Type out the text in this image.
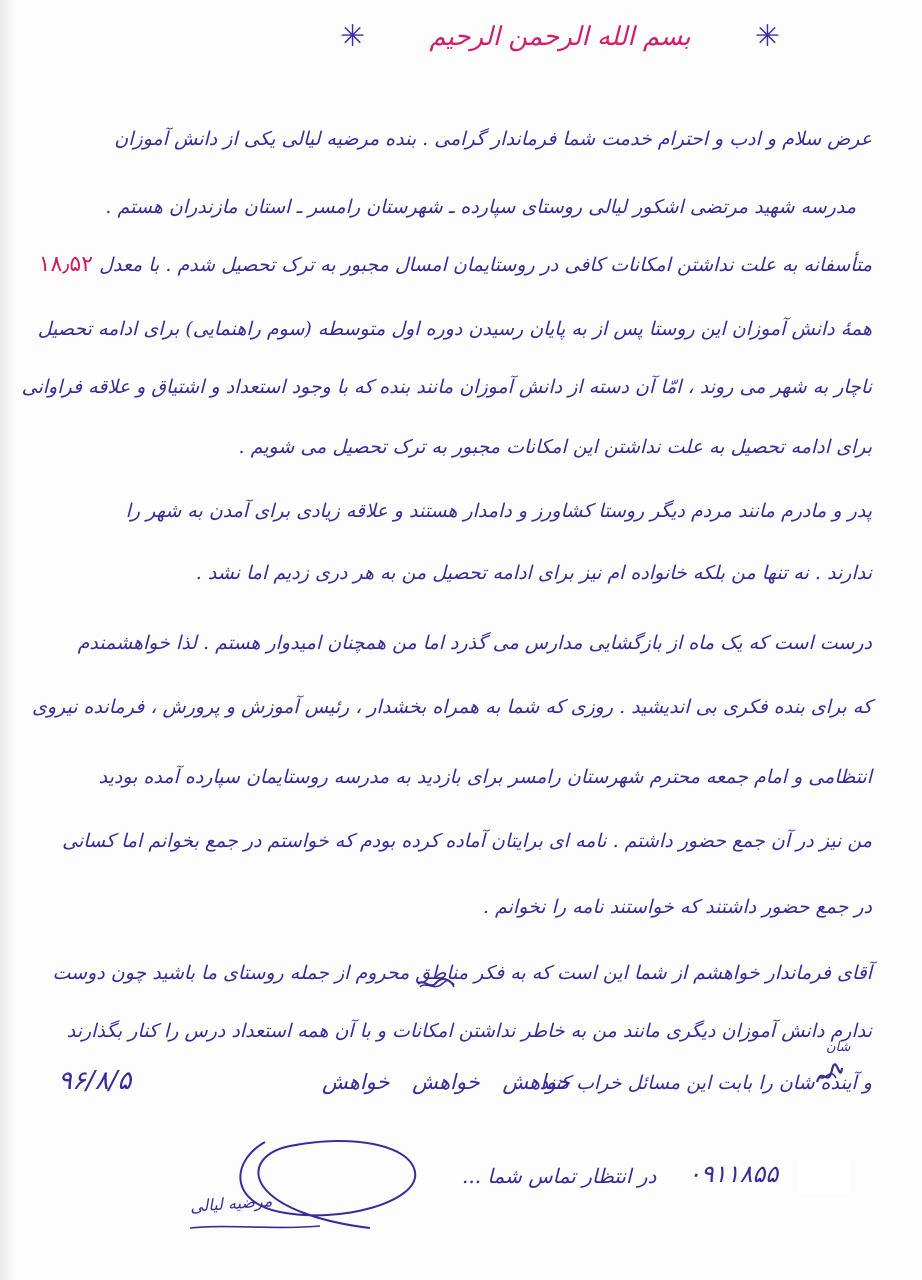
✳ بسم الله الرحمن الرحیم ✳
عرض سلام و ادب و احترام خدمت شما فرماندار گرامی . بنده مرضیه لیالی یکی از دانش آموزان
مدرسه شهید مرتضی اشکور لیالی روستای سپارده ـ شهرستان رامسر ـ استان مازندران هستم .
متأسفانه به علت نداشتن امکانات کافی در روستایمان امسال مجبور به ترک تحصیل شدم . با معدل ۱۸٫۵۲
همهٔ دانش آموزان این روستا پس از به پایان رسیدن دوره اول متوسطه (سوم راهنمایی) برای ادامه تحصیل
ناچار به شهر می روند ، امّا آن دسته از دانش آموزان مانند بنده که با وجود استعداد و اشتیاق و علاقه فراوانی
برای ادامه تحصیل به علت نداشتن این امکانات مجبور به ترک تحصیل می شویم .
پدر و مادرم مانند مردم دیگر روستا کشاورز و دامدار هستند و علاقه زیادی برای آمدن به شهر را
ندارند . نه تنها من بلکه خانواده ام نیز برای ادامه تحصیل من به هر دری زدیم اما نشد .
درست است که یک ماه از بازگشایی مدارس می گذرد اما من همچنان امیدوار هستم . لذا خواهشمندم
که برای بنده فکری بی اندیشید . روزی که شما به همراه بخشدار ، رئیس آموزش و پرورش ، فرمانده نیروی
انتظامی و امام جمعه محترم شهرستان رامسر برای بازدید به مدرسه روستایمان سپارده آمده بودید
من نیز در آن جمع حضور داشتم . نامه ای برایتان آماده کرده بودم که خواستم در جمع بخوانم اما کسانی
در جمع حضور داشتند که خواستند نامه را نخوانم .
آقای فرماندار خواهشم از شما این است که به فکر مناطق محروم از جمله روستای ما باشید چون دوست
ندارم دانش آموزان دیگری مانند من به خاطر نداشتن امکانات و با آن همه استعداد درس را کنار بگذارند
و آینده شان را بابت این مسائل خراب کنند .
شان
۹۶/۸/۵	خواهش خواهش خواهش
مرضیه لیالی
در انتظار تماس شما ... ۰۹۱۱۸۵۵
